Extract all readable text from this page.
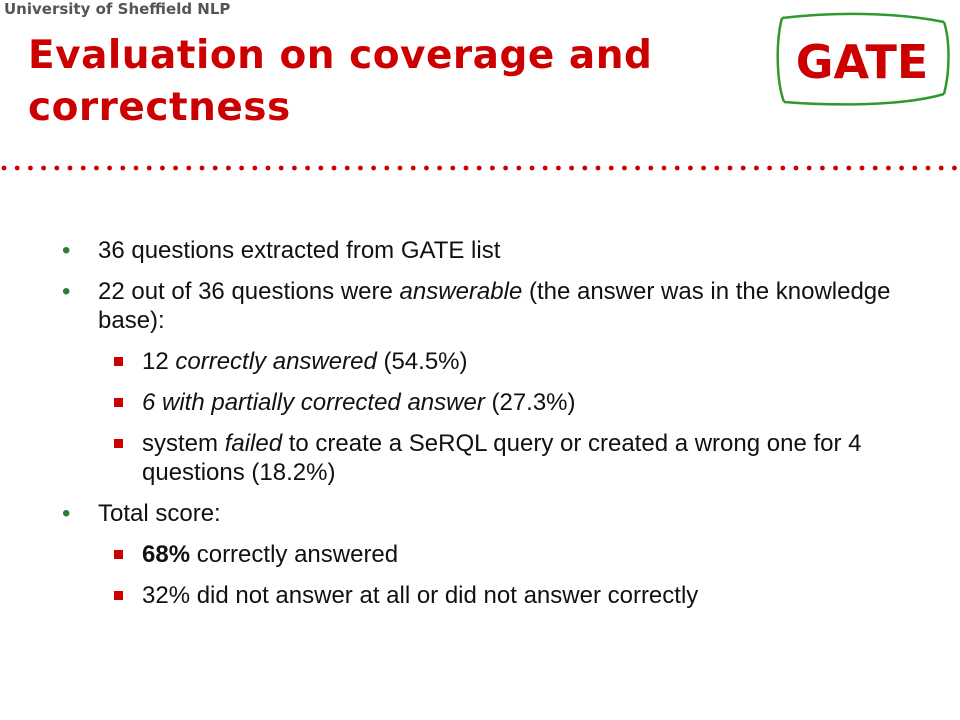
University of Sheffield NLP
Evaluation on coverage and correctness
GATE
• 36 questions extracted from GATE list
• 22 out of 36 questions were answerable (the answer was in the knowledge base):
12 correctly answered (54.5%)
6 with partially corrected answer (27.3%)
system failed to create a SeRQL query or created a wrong one for 4 questions (18.2%)
• Total score:
68% correctly answered
32% did not answer at all or did not answer correctly
